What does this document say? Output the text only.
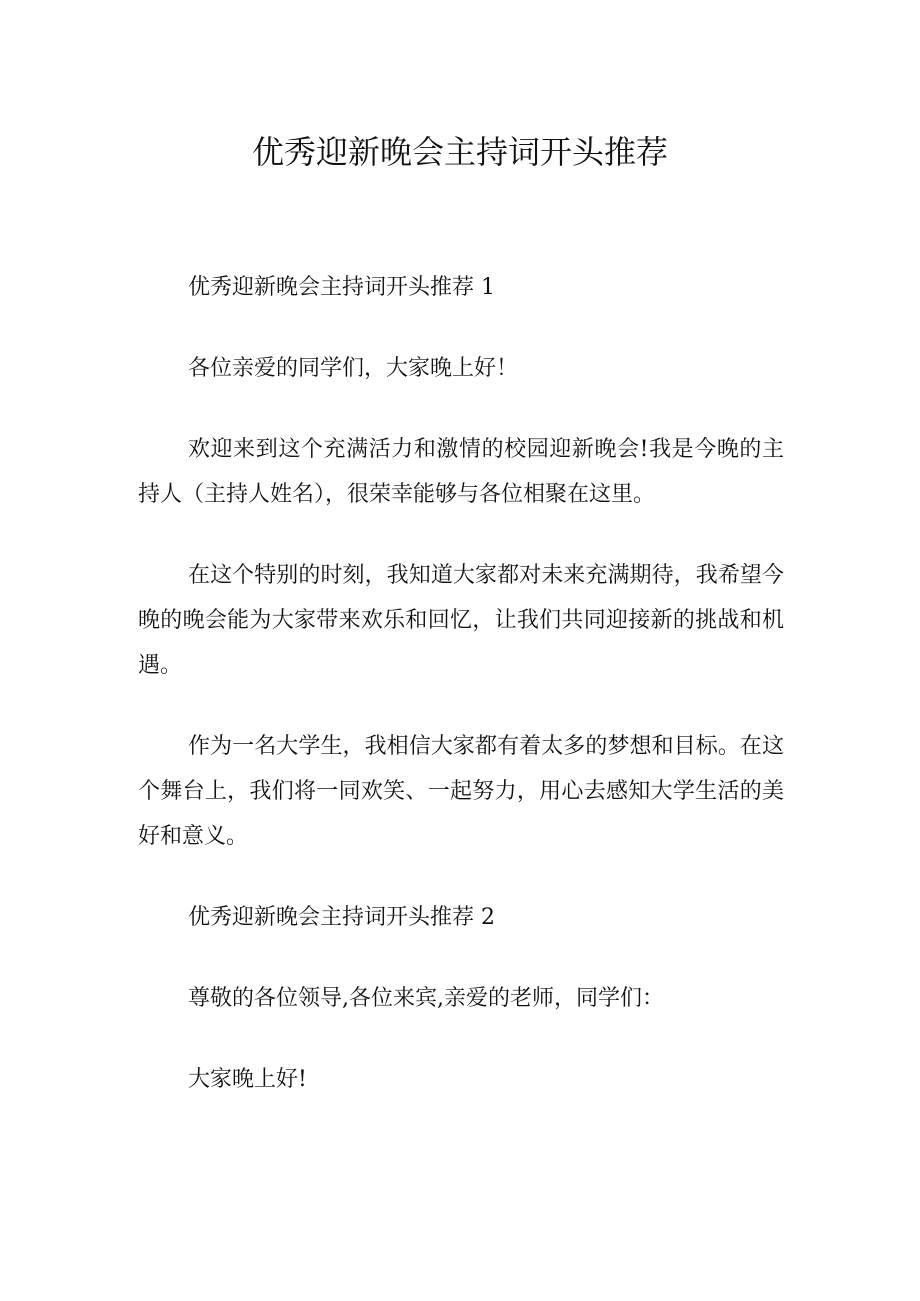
优秀迎新晚会主持词开头推荐

优秀迎新晚会主持词开头推荐 1

各位亲爱的同学们，大家晚上好！

欢迎来到这个充满活力和激情的校园迎新晚会!我是今晚的主持人（主持人姓名），很荣幸能够与各位相聚在这里。

在这个特别的时刻，我知道大家都对未来充满期待，我希望今晚的晚会能为大家带来欢乐和回忆，让我们共同迎接新的挑战和机遇。

作为一名大学生，我相信大家都有着太多的梦想和目标。在这个舞台上，我们将一同欢笑、一起努力，用心去感知大学生活的美好和意义。

优秀迎新晚会主持词开头推荐 2

尊敬的各位领导,各位来宾,亲爱的老师，同学们：

大家晚上好!
